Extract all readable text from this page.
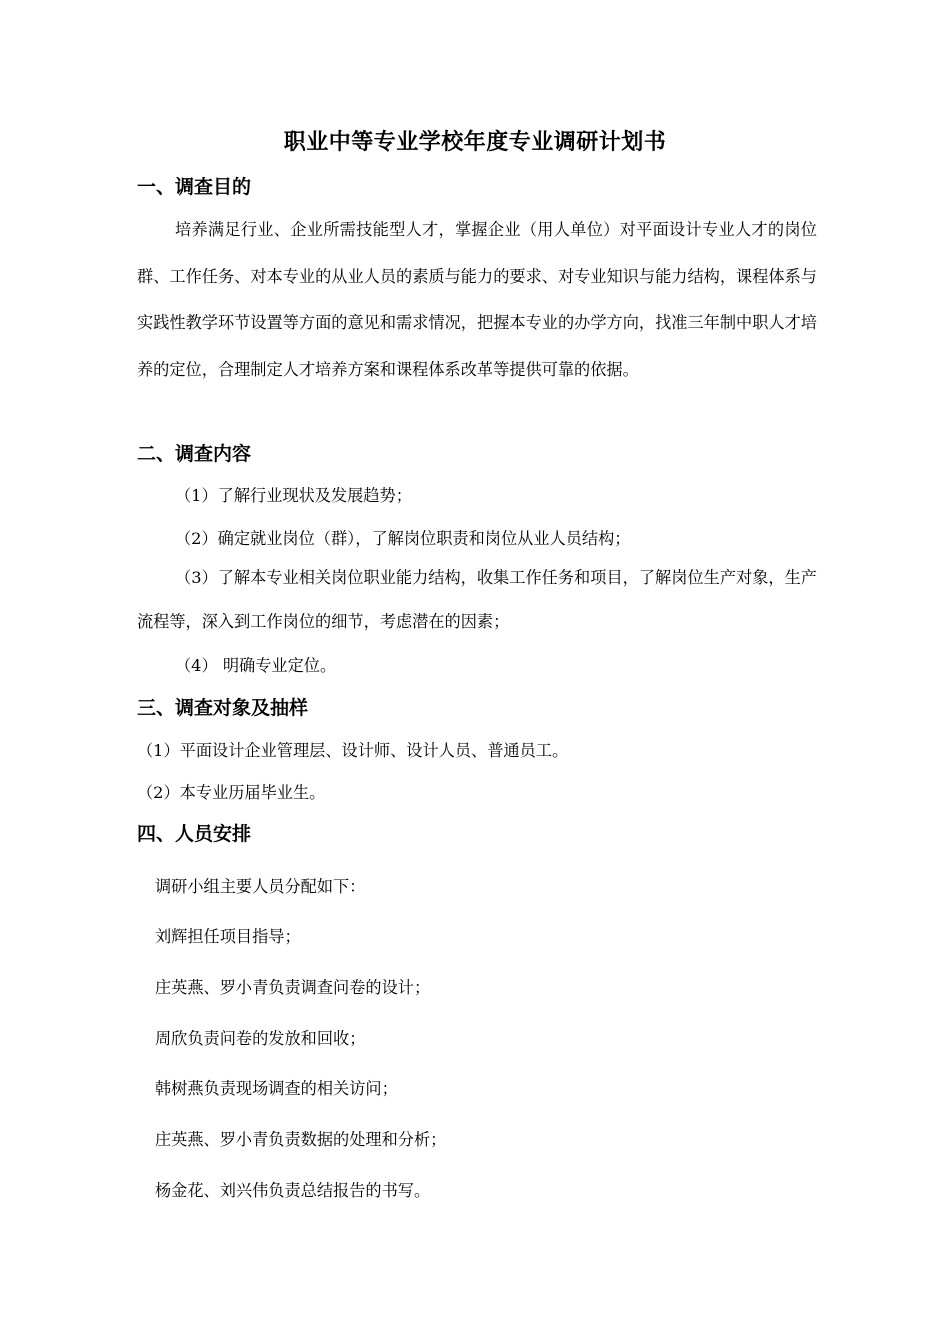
职业中等专业学校年度专业调研计划书
一、调查目的
培养满足行业、企业所需技能型人才，掌握企业（用人单位）对平面设计专业人才的岗位群、工作任务、对本专业的从业人员的素质与能力的要求、对专业知识与能力结构，课程体系与实践性教学环节设置等方面的意见和需求情况，把握本专业的办学方向，找准三年制中职人才培养的定位，合理制定人才培养方案和课程体系改革等提供可靠的依据。
二、调查内容
（1）了解行业现状及发展趋势；
（2）确定就业岗位（群），了解岗位职责和岗位从业人员结构；
（3）了解本专业相关岗位职业能力结构，收集工作任务和项目，了解岗位生产对象，生产流程等，深入到工作岗位的细节，考虑潜在的因素；
（4） 明确专业定位。
三、调查对象及抽样
（1）平面设计企业管理层、设计师、设计人员、普通员工。
（2）本专业历届毕业生。
四、人员安排
调研小组主要人员分配如下：
刘辉担任项目指导；
庄英燕、罗小青负责调查问卷的设计；
周欣负责问卷的发放和回收；
韩树燕负责现场调查的相关访问；
庄英燕、罗小青负责数据的处理和分析；
杨金花、刘兴伟负责总结报告的书写。
